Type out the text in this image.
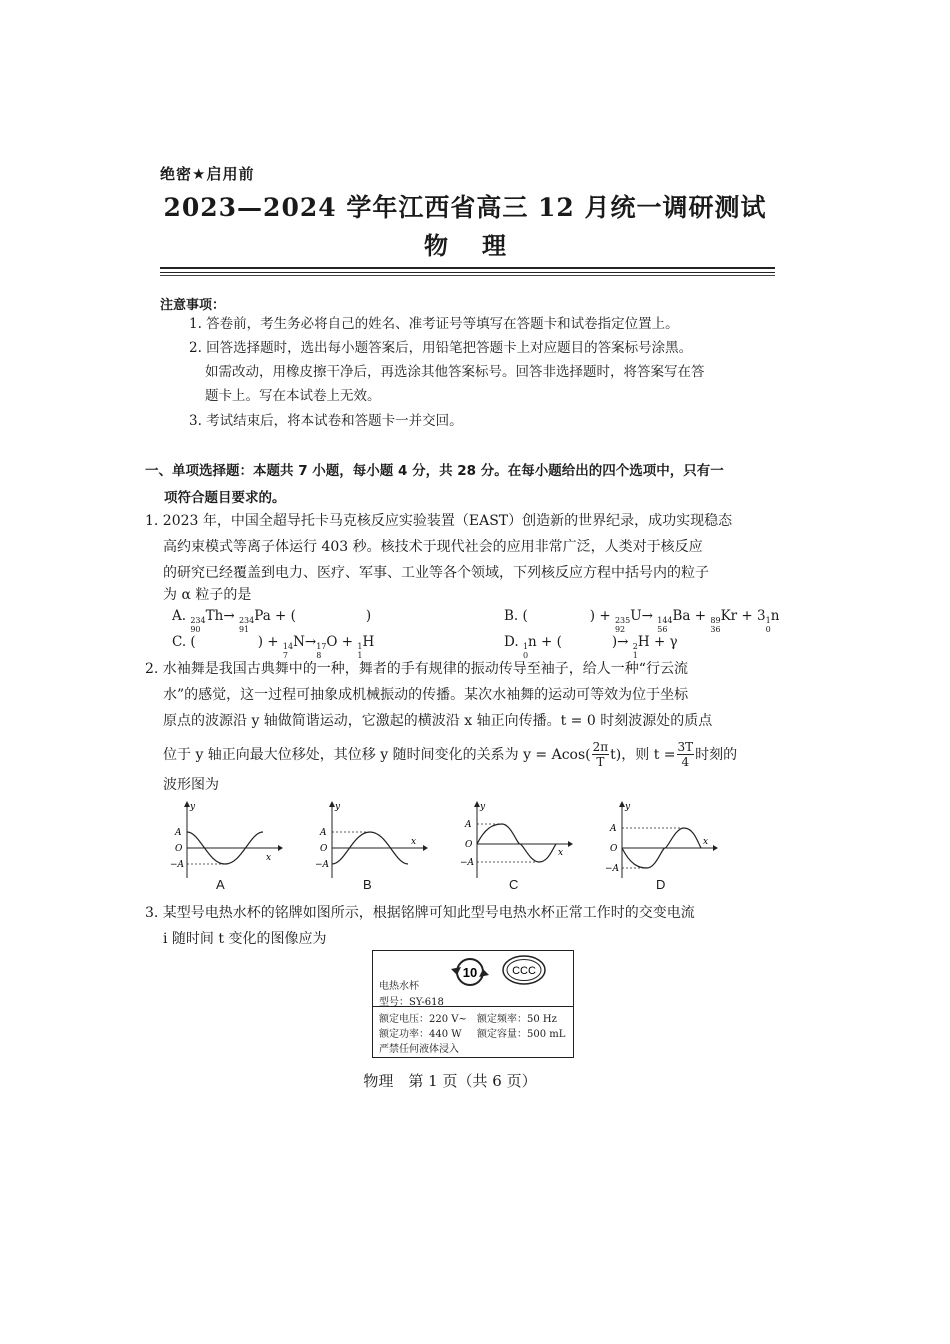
绝密★启用前
2023—2024 学年江西省高三 12 月统一调研测试
物理
注意事项：
1. 答卷前，考生务必将自己的姓名、准考证号等填写在答题卡和试卷指定位置上。
2. 回答选择题时，选出每小题答案后，用铅笔把答题卡上对应题目的答案标号涂黑。
如需改动，用橡皮擦干净后，再选涂其他答案标号。回答非选择题时，将答案写在答
题卡上。写在本试卷上无效。
3. 考试结束后，将本试卷和答题卡一并交回。
一、单项选择题：本题共 7 小题，每小题 4 分，共 28 分。在每小题给出的四个选项中，只有一
项符合题目要求的。
1. 2023 年，中国全超导托卡马克核反应实验装置（EAST）创造新的世界纪录，成功实现稳态
高约束模式等离子体运行 403 秒。核技术于现代社会的应用非常广泛，人类对于核反应
的研究已经覆盖到电力、医疗、军事、工业等各个领域，下列核反应方程中括号内的粒子
为 α 粒子的是
A. 234
90
Th→ 234
91
Pa + (	)	B. (	) + 235
92
U→ 144
56
Ba + 89
36
Kr + 3 1
0
n
C. (	) + 14
7
N→ 17
8
O + 1
1
H	D. 1
0
n + (	)→ 2
1
H + γ
2. 水袖舞是我国古典舞中的一种，舞者的手有规律的振动传导至袖子，给人一种“行云流
水”的感觉，这一过程可抽象成机械振动的传播。某次水袖舞的运动可等效为位于坐标
原点的波源沿 y 轴做简谐运动，它激起的横波沿 x 轴正向传播。t = 0 时刻波源处的质点
位于 y 轴正向最大位移处，其位移 y 随时间变化的关系为 y = Acos( 2π
T t)，则 $t = \frac{3T}{4}$ 时刻的
波形图为
y
x
A
O
−A
y
x
A
O
−A
y
x
A
O
−A
y
x
A
O
−A
A	B	C	D
3. 某型号电热水杯的铭牌如图所示，根据铭牌可知此型号电热水杯正常工作时的交变电流
i 随时间 t 变化的图像应为
电热水杯
10	CCC
型号：SY-618
额定电压：220 V~ 额定频率：50 Hz
额定功率：440 W 额定容量：500 mL
严禁任何液体浸入
物理　第 1 页（共 6 页）
